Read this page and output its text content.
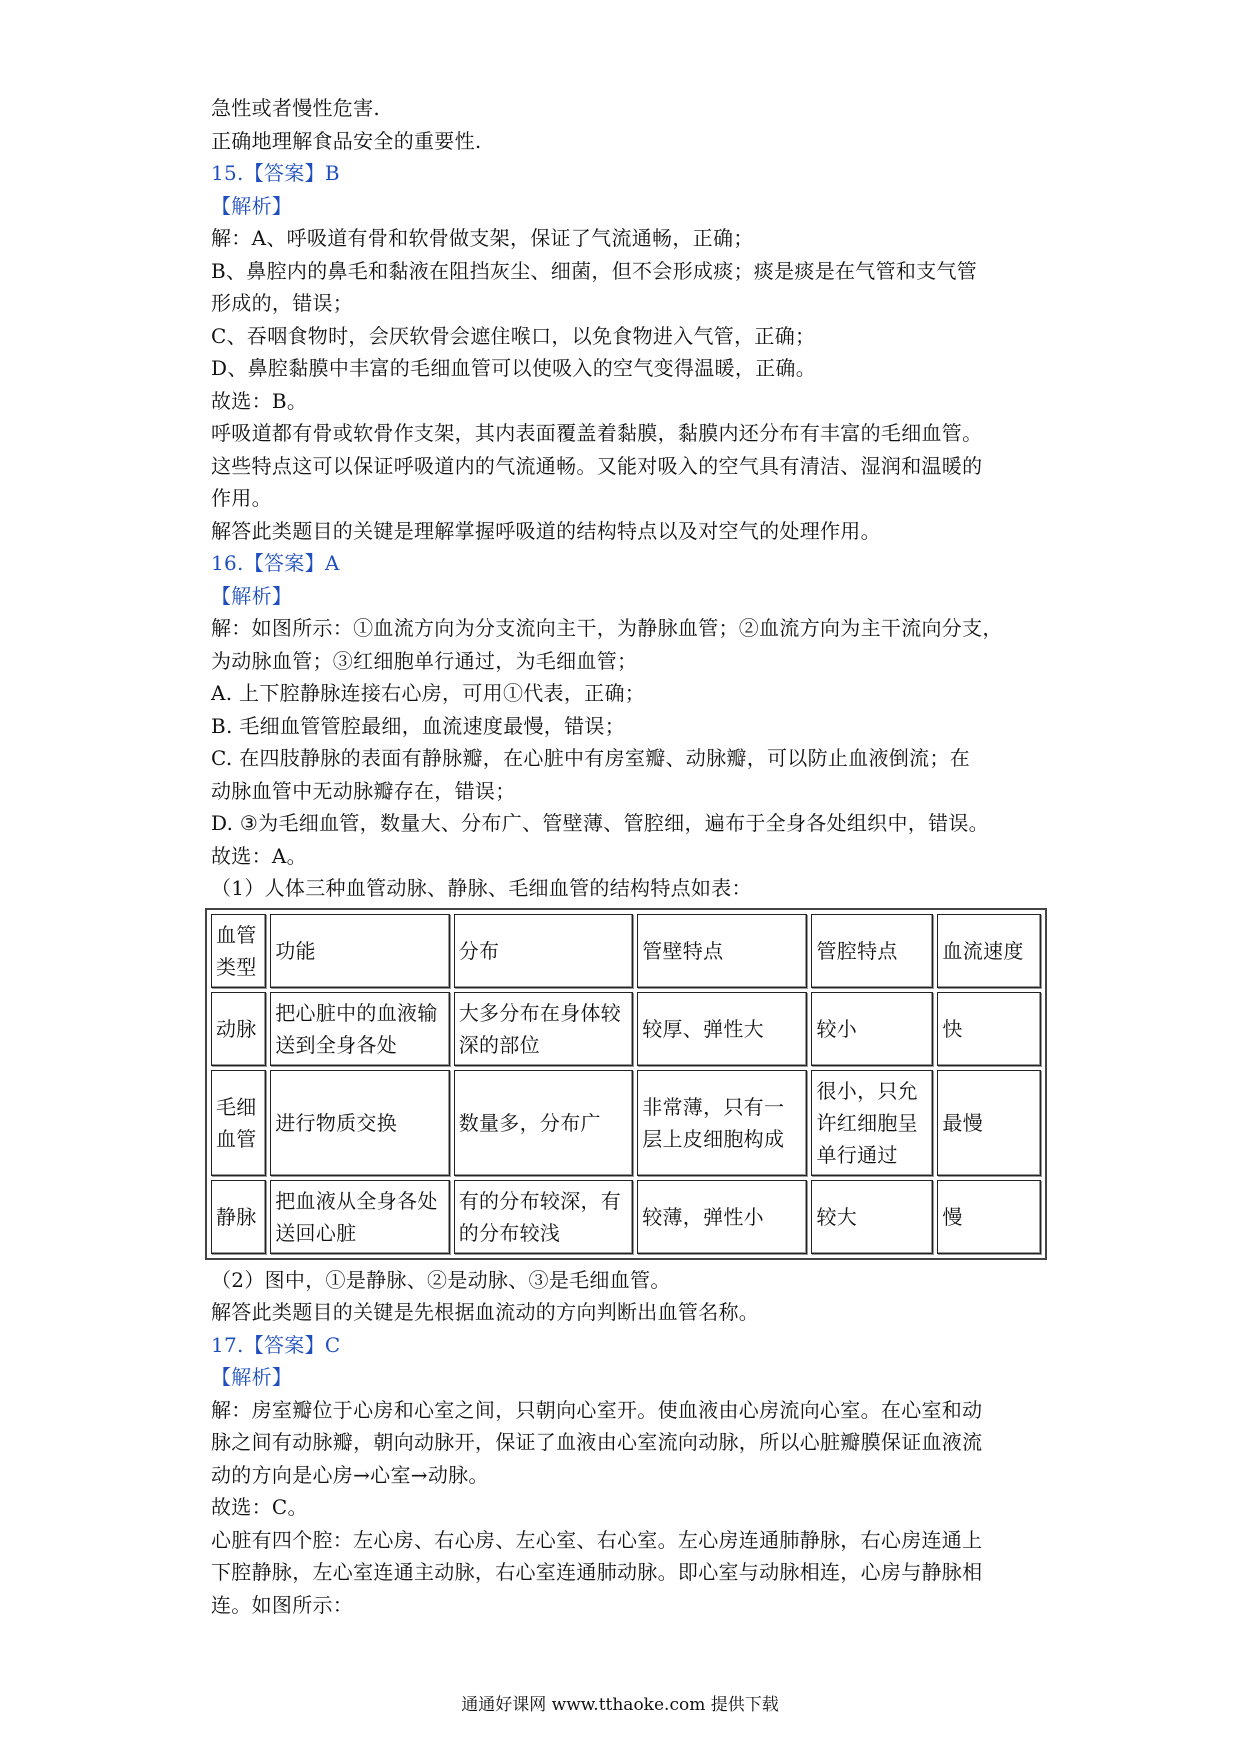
急性或者慢性危害.
正确地理解食品安全的重要性.
15.【答案】B
【解析】
解：A、呼吸道有骨和软骨做支架，保证了气流通畅，正确；
B、鼻腔内的鼻毛和黏液在阻挡灰尘、细菌，但不会形成痰；痰是痰是在气管和支气管
形成的，错误；
C、吞咽食物时，会厌软骨会遮住喉口，以免食物进入气管，正确；
D、鼻腔黏膜中丰富的毛细血管可以使吸入的空气变得温暖，正确。
故选：B。
呼吸道都有骨或软骨作支架，其内表面覆盖着黏膜，黏膜内还分布有丰富的毛细血管。
这些特点这可以保证呼吸道内的气流通畅。又能对吸入的空气具有清洁、湿润和温暖的
作用。
解答此类题目的关键是理解掌握呼吸道的结构特点以及对空气的处理作用。
16.【答案】A
【解析】
解：如图所示：①血流方向为分支流向主干，为静脉血管；②血流方向为主干流向分支，
为动脉血管；③红细胞单行通过，为毛细血管；
A. 上下腔静脉连接右心房，可用①代表，正确；
B. 毛细血管管腔最细，血流速度最慢，错误；
C. 在四肢静脉的表面有静脉瓣，在心脏中有房室瓣、动脉瓣，可以防止血液倒流；在
动脉血管中无动脉瓣存在，错误；
D. ③为毛细血管，数量大、分布广、管壁薄、管腔细，遍布于全身各处组织中，错误。
故选：A。
（1）人体三种血管动脉、静脉、毛细血管的结构特点如表：
血管类型	功能	分布	管壁特点	管腔特点	血流速度
动脉	把心脏中的血液输送到全身各处	大多分布在身体较深的部位	较厚、弹性大	较小	快
毛细血管	进行物质交换	数量多，分布广	非常薄，只有一层上皮细胞构成	很小，只允许红细胞呈单行通过	最慢
静脉	把血液从全身各处送回心脏	有的分布较深，有的分布较浅	较薄，弹性小	较大	慢
（2）图中，①是静脉、②是动脉、③是毛细血管。
解答此类题目的关键是先根据血流动的方向判断出血管名称。
17.【答案】C
【解析】
解：房室瓣位于心房和心室之间，只朝向心室开。使血液由心房流向心室。在心室和动
脉之间有动脉瓣，朝向动脉开，保证了血液由心室流向动脉，所以心脏瓣膜保证血液流
动的方向是心房→心室→动脉。
故选：C。
心脏有四个腔：左心房、右心房、左心室、右心室。左心房连通肺静脉，右心房连通上
下腔静脉，左心室连通主动脉，右心室连通肺动脉。即心室与动脉相连，心房与静脉相
连。如图所示：
通通好课网 www.tthaoke.com 提供下载
